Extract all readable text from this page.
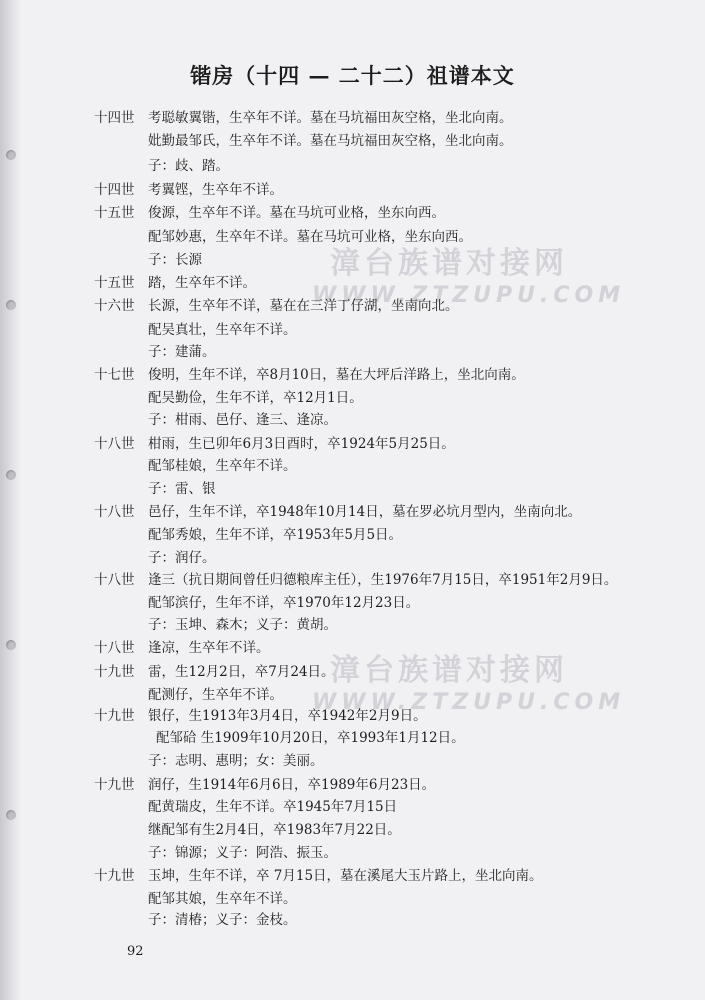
锴房（十四 — 二十二）祖谱本文
漳台族谱对接网
WWW.ZTZUPU.COM
漳台族谱对接网
WWW.ZTZUPU.COM
十四世	考聪敏翼锴，生卒年不详。墓在马坑福田灰空格，坐北向南。
妣勤最邹氏，生卒年不详。墓在马坑福田灰空格，坐北向南。
子：歧、踏。
十四世	考翼铿，生卒年不详。
十五世	俊源，生卒年不详。墓在马坑可业格，坐东向西。
配邹妙惠，生卒年不详。墓在马坑可业格，坐东向西。
子：长源
十五世	踏，生卒年不详。
十六世	长源，生卒年不详，墓在在三洋丁仔湖，坐南向北。
配吴真壮，生卒年不详。
子：建蒲。
十七世	俊明，生年不详，卒8月10日，墓在大坪后洋路上，坐北向南。
配吴勤俭，生年不详，卒12月1日。
子：柑雨、邑仔、逢三、逢凉。
十八世	柑雨，生已卯年6月3日酉时，卒1924年5月25日。
配邹桂娘，生卒年不详。
子：雷、银
十八世	邑仔，生年不详，卒1948年10月14日，墓在罗必坑月型内，坐南向北。
配邹秀娘，生年不详，卒1953年5月5日。
子：润仔。
十八世	逢三（抗日期间曾任归德粮库主任），生1976年7月15日，卒1951年2月9日。
配邹滨仔，生年不详，卒1970年12月23日。
子：玉坤、森木；义子：黄胡。
十八世	逢凉，生卒年不详。
十九世	雷，生12月2日，卒7月24日。
配测仔，生卒年不详。
十九世	银仔，生1913年3月4日，卒1942年2月9日。
配邹硆 生1909年10月20日，卒1993年1月12日。
子：志明、惠明；女：美丽。
十九世	润仔，生1914年6月6日，卒1989年6月23日。
配黄瑞皮，生年不详。卒1945年7月15日
继配邹有生2月4日，卒1983年7月22日。
子：锦源；义子：阿浩、振玉。
十九世	玉坤，生年不详，卒 7月15日，墓在溪尾大玉片路上，坐北向南。
配邹其娘，生卒年不详。
子：清椿；义子：金枝。
92
